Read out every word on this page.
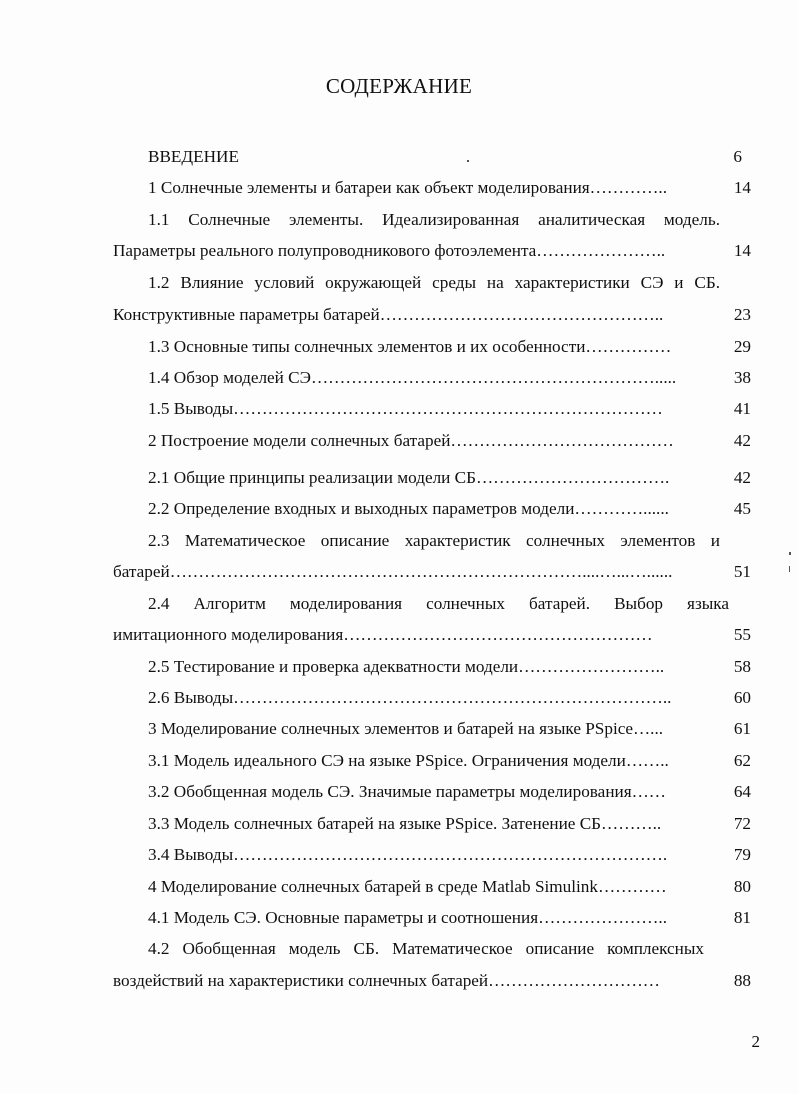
СОДЕРЖАНИЕ
ВВЕДЕНИЕ	6
1 Солнечные элементы и батареи как объект моделирования…………..	14
1.1 Солнечные элементы. Идеализированная аналитическая модель.
Параметры реального полупроводникового фотоэлемента…………………..	14
1.2 Влияние условий окружающей среды на характеристики СЭ и СБ.
Конструктивные параметры батарей…………………………………………..	23
1.3 Основные типы солнечных элементов и их особенности……………	29
1.4 Обзор моделей СЭ…………………………………………………….....	38
1.5 Выводы…………………………………………………………………	41
2 Построение модели солнечных батарей…………………………………	42
2.1 Общие принципы реализации модели СБ…………………………….	42
2.2 Определение входных и выходных параметров модели…………......	45
2.3 Математическое описание характеристик солнечных элементов и
батарей………………………………………………………………....…...…......	51
2.4 Алгоритм моделирования солнечных батарей. Выбор языка
имитационного моделирования………………………………………………	55
2.5 Тестирование и проверка адекватности модели……………………..	58
2.6 Выводы…………………………………………………………………..	60
3 Моделирование солнечных элементов и батарей на языке PSpice…...	61
3.1 Модель идеального СЭ на языке PSpice. Ограничения модели……..	62
3.2 Обобщенная модель СЭ. Значимые параметры моделирования……	64
3.3 Модель солнечных батарей на языке PSpice. Затенение СБ………..	72
3.4 Выводы………………………………………………………………….	79
4 Моделирование солнечных батарей в среде Matlab Simulink…………	80
4.1 Модель СЭ. Основные параметры и соотношения…………………..	81
4.2 Обобщенная модель СБ. Математическое описание комплексных
воздействий на характеристики солнечных батарей…………………………	88
2
